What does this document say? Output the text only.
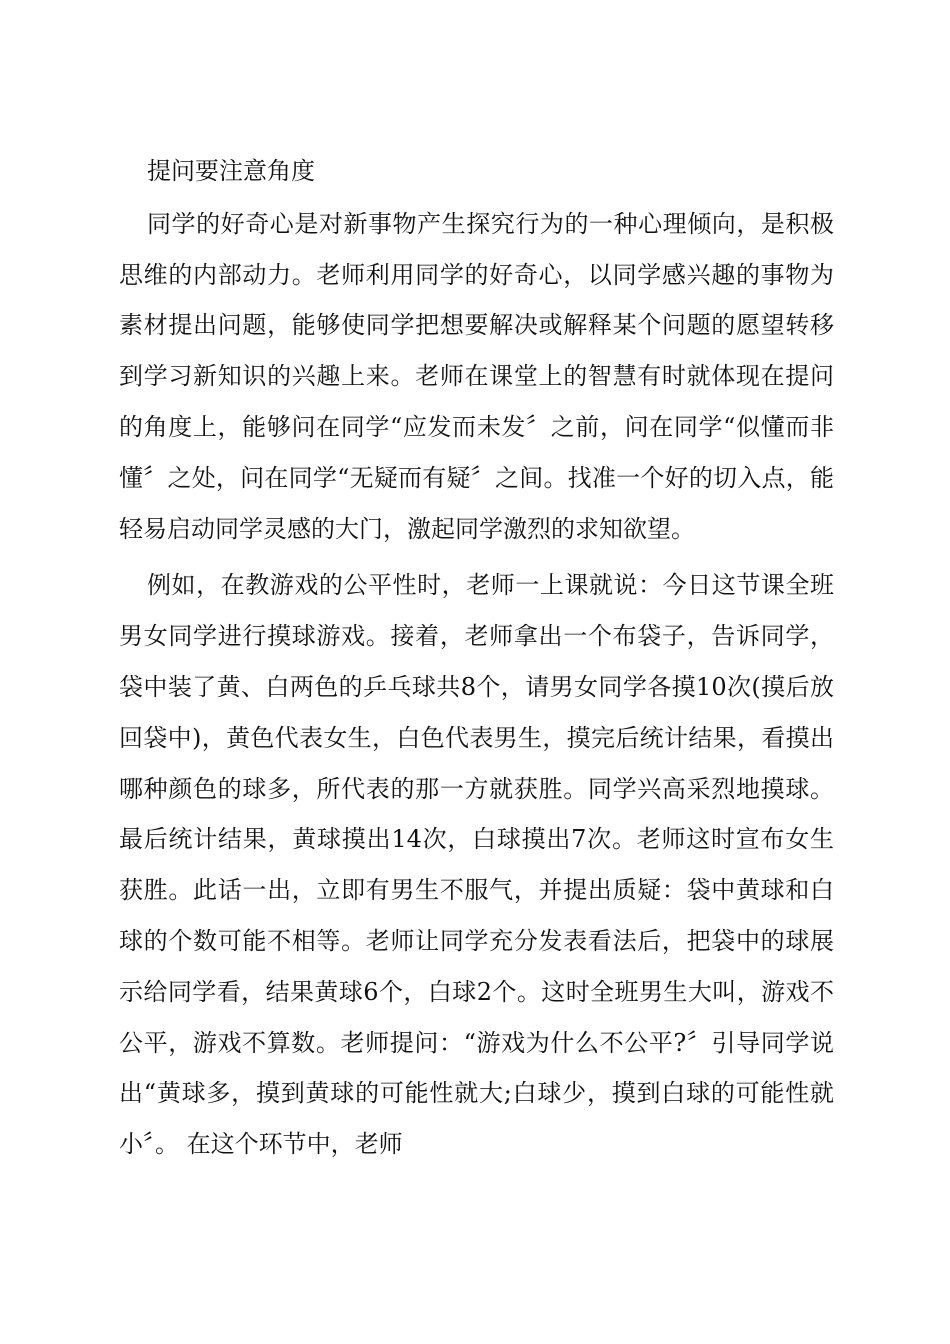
提问要注意角度

同学的好奇心是对新事物产生探究行为的一种心理倾向，是积极思维的内部动力。老师利用同学的好奇心，以同学感兴趣的事物为素材提出问题，能够使同学把想要解决或解释某个问题的愿望转移到学习新知识的兴趣上来。老师在课堂上的智慧有时就体现在提问的角度上，能够问在同学“应发而未发〞之前，问在同学“似懂而非懂〞之处，问在同学“无疑而有疑〞之间。找准一个好的切入点，能轻易启动同学灵感的大门，激起同学激烈的求知欲望。

例如，在教游戏的公平性时，老师一上课就说：今日这节课全班男女同学进行摸球游戏。接着，老师拿出一个布袋子，告诉同学，袋中装了黄、白两色的乒乓球共8个，请男女同学各摸10次(摸后放回袋中)，黄色代表女生，白色代表男生，摸完后统计结果，看摸出哪种颜色的球多，所代表的那一方就获胜。同学兴高采烈地摸球。最后统计结果，黄球摸出14次，白球摸出7次。老师这时宣布女生获胜。此话一出，立即有男生不服气，并提出质疑：袋中黄球和白球的个数可能不相等。老师让同学充分发表看法后，把袋中的球展示给同学看，结果黄球6个，白球2个。这时全班男生大叫，游戏不公平，游戏不算数。老师提问：“游戏为什么不公平?〞引导同学说出“黄球多，摸到黄球的可能性就大;白球少，摸到白球的可能性就小〞。 在这个环节中，老师
